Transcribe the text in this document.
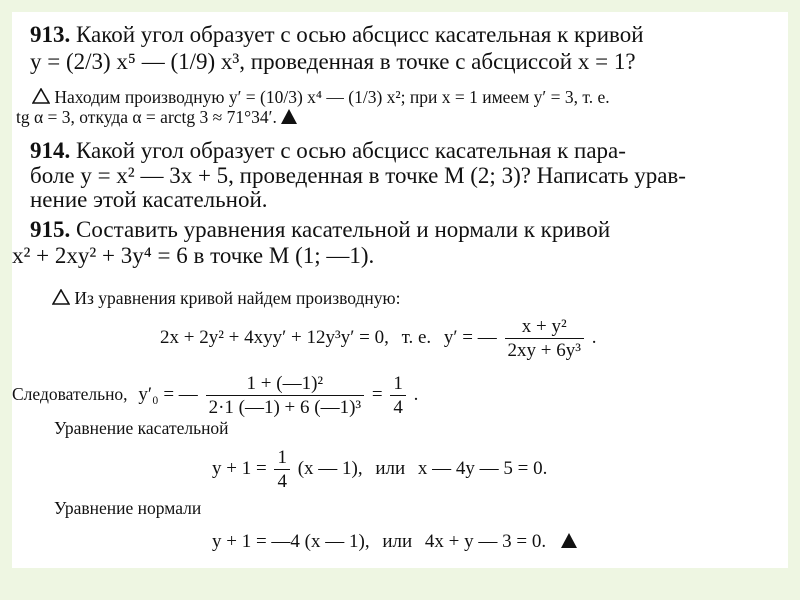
913. Какой угол образует с осью абсцисс касательная к кривой
y = (2/3) x⁵ — (1/9) x³, проведенная в точке с абсциссой x = 1?
Находим производную y′ = (10/3) x⁴ — (1/3) x²; при x = 1 имеем y′ = 3, т. е.
tg α = 3, откуда α = arctg 3 ≈ 71°34′.
914. Какой угол образует с осью абсцисс касательная к пара-
боле y = x² — 3x + 5, проведенная в точке M (2; 3)? Написать урав-
нение этой касательной.
915. Составить уравнения касательной и нормали к кривой
x² + 2xy² + 3y⁴ = 6 в точке M (1; —1).
Из уравнения кривой найдем производную:
2x + 2y² + 4xyy′ + 12y³y′ = 0, т. е. y′ = — $\frac{\text{x + y²}}{\text{2xy + 6y³}}$ .
Следовательно, y′₀ = — $\frac{\text{1 + (—1)²}}{\text{2·1 (—1) + 6 (—1)³}} = \frac{1}{4}$ .
Уравнение касательной
$y + 1 = \frac{1}{4} (x$ — 1), или x — 4y — 5 = 0.
Уравнение нормали
y + 1 = —4 (x — 1), или 4x + y — 3 = 0.
